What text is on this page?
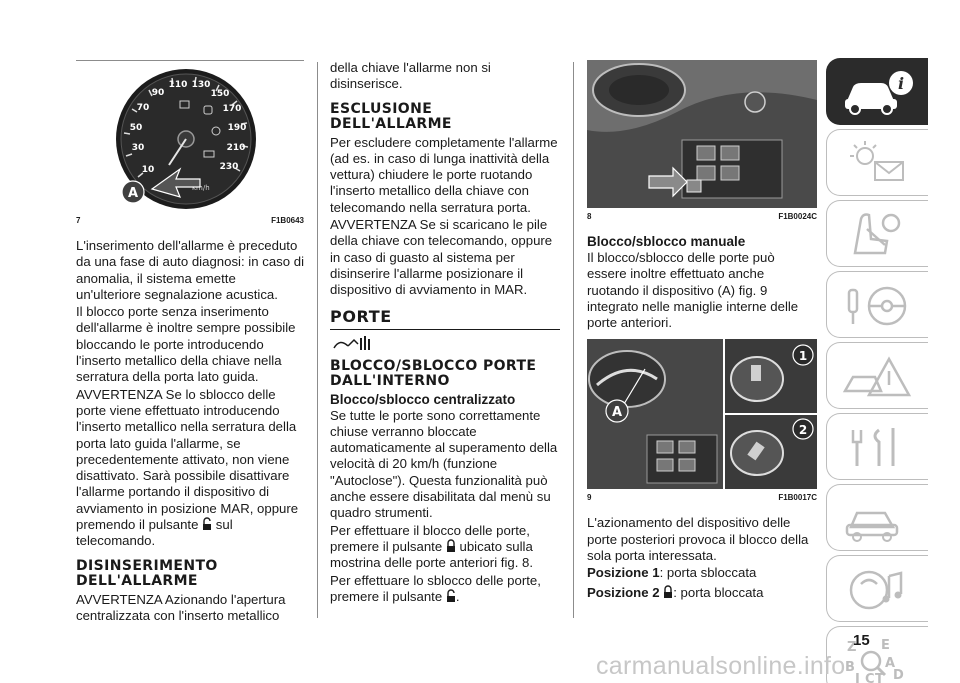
10
30
50
70
90
110 130
150
170
190
210
230
km/h
A
7	F1B0643

L'inserimento dell'allarme è preceduto da una fase di auto diagnosi: in caso di anomalia, il sistema emette un'ulteriore segnalazione acustica.

Il blocco porte senza inserimento dell'allarme è inoltre sempre possibile bloccando le porte introducendo l'inserto metallico della chiave nella serratura della porta lato guida.

AVVERTENZA Se lo sblocco delle porte viene effettuato introducendo l'inserto metallico nella serratura della porta lato guida l'allarme, se precedentemente attivato, non viene disattivato. Sarà possibile disattivare l'allarme portando il dispositivo di avviamento in posizione MAR, oppure premendo il pulsante sul telecomando.

DISINSERIMENTO DELL'ALLARME

AVVERTENZA Azionando l'apertura centralizzata con l'inserto metallico

della chiave l'allarme non si disinserisce.

ESCLUSIONE DELL'ALLARME

Per escludere completamente l'allarme (ad es. in caso di lunga inattività della vettura) chiudere le porte ruotando l'inserto metallico della chiave con telecomando nella serratura porta.

AVVERTENZA Se si scaricano le pile della chiave con telecomando, oppure in caso di guasto al sistema per disinserire l'allarme posizionare il dispositivo di avviamento in MAR.

PORTE
BLOCCO/SBLOCCO PORTE DALL'INTERNO
Blocco/sblocco centralizzato

Se tutte le porte sono correttamente chiuse verranno bloccate automaticamente al superamento della velocità di 20 km/h (funzione "Autoclose"). Questa funzionalità può anche essere disabilitata dal menù su quadro strumenti.

Per effettuare il blocco delle porte, premere il pulsante ubicato sulla mostrina delle porte anteriori fig. 8.

Per effettuare lo sblocco delle porte, premere il pulsante .

8	F1B0024C
Blocco/sblocco manuale

Il blocco/sblocco delle porte può essere inoltre effettuato anche ruotando il dispositivo (A) fig. 9 integrato nelle maniglie interne delle porte anteriori.

A
1
2
9	F1B0017C

L'azionamento del dispositivo delle porte posteriori provoca il blocco della sola porta interessata.

Posizione 1: porta sbloccata

Posizione 2 : porta bloccata

i
Z E
B A
I C T D
15
carmanualsonline.info
